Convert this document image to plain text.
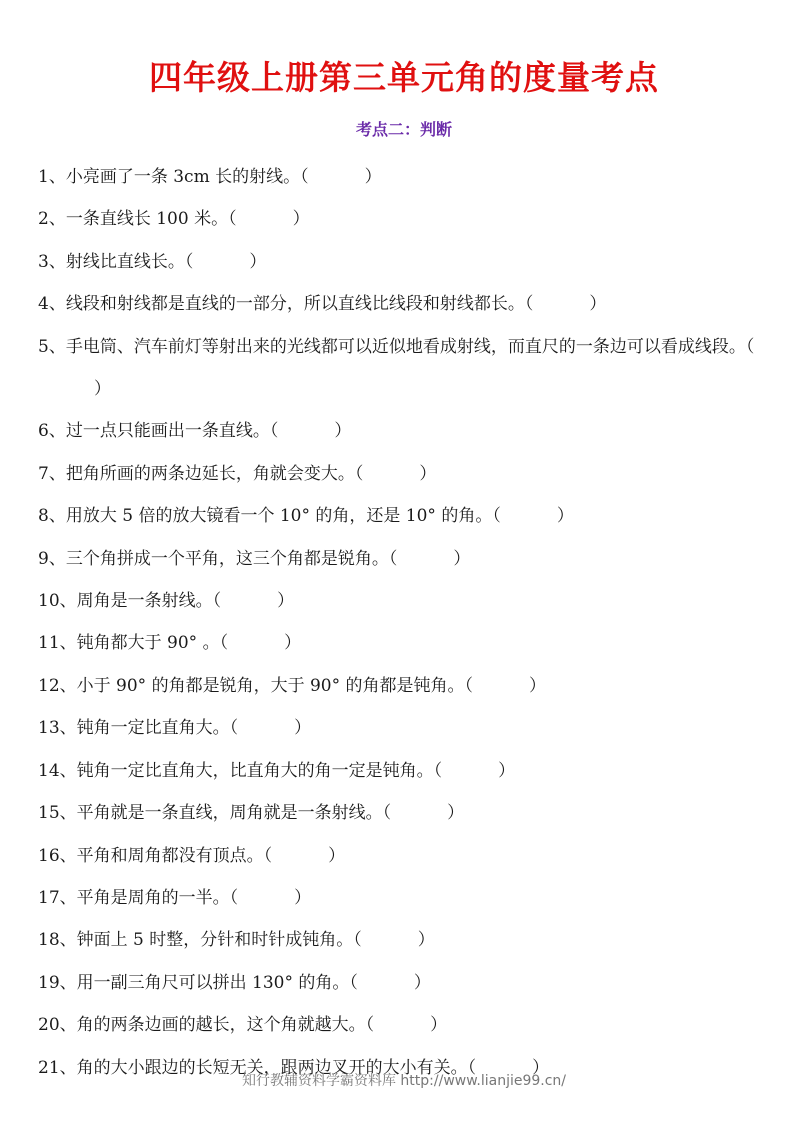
四年级上册第三单元角的度量考点
考点二：判断
1、小亮画了一条 3cm 长的射线。（	）
2、一条直线长 100 米。（	）
3、射线比直线长。（	）
4、线段和射线都是直线的一部分，所以直线比线段和射线都长。（	）
5、手电筒、汽车前灯等射出来的光线都可以近似地看成射线，而直尺的一条边可以看成线段。（）
6、过一点只能画出一条直线。（	）
7、把角所画的两条边延长，角就会变大。（	）
8、用放大 5 倍的放大镜看一个 10° 的角，还是 10° 的角。（	）
9、三个角拼成一个平角，这三个角都是锐角。（	）
10、周角是一条射线。（	）
11、钝角都大于 90° 。（	）
12、小于 90° 的角都是锐角，大于 90° 的角都是钝角。（	）
13、钝角一定比直角大。（	）
14、钝角一定比直角大，比直角大的角一定是钝角。（	）
15、平角就是一条直线，周角就是一条射线。（	）
16、平角和周角都没有顶点。（	）
17、平角是周角的一半。（	）
18、钟面上 5 时整，分针和时针成钝角。（	）
19、用一副三角尺可以拼出 130° 的角。（	）
20、角的两条边画的越长，这个角就越大。（	）
21、角的大小跟边的长短无关，跟两边叉开的大小有关。（	）
知行教辅资料学霸资料库 http://www.lianjie99.cn/
